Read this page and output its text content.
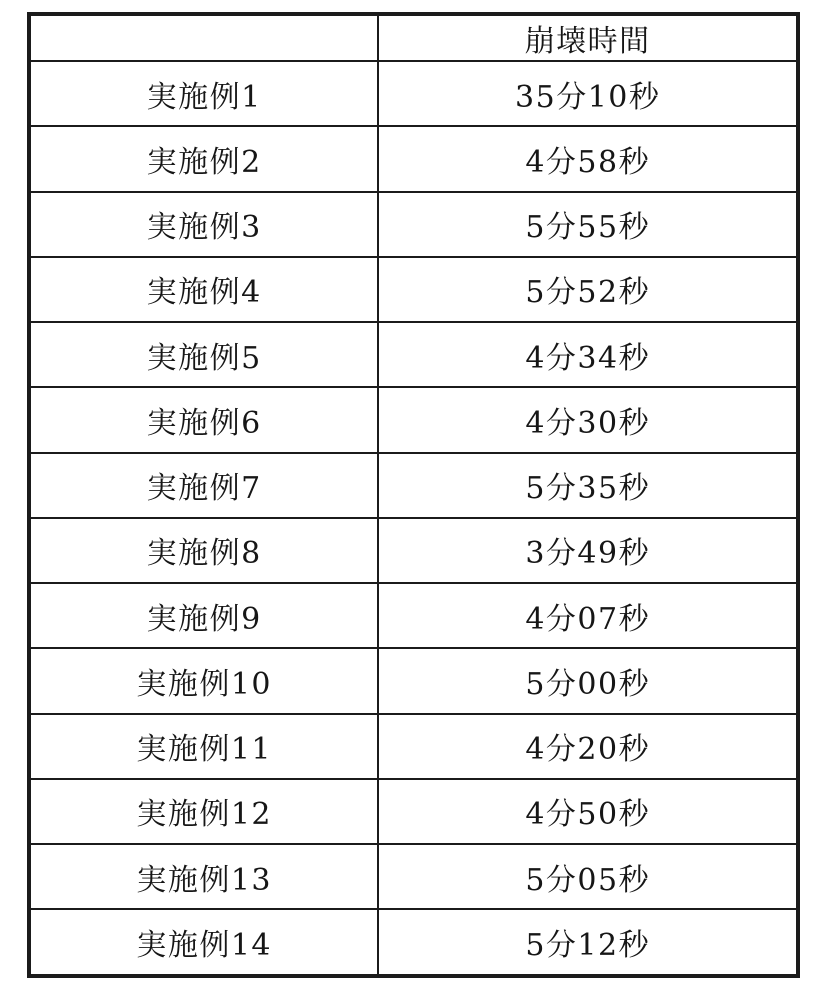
	崩壊時間
実施例1	35分10秒
実施例2	4分58秒
実施例3	5分55秒
実施例4	5分52秒
実施例5	4分34秒
実施例6	4分30秒
実施例7	5分35秒
実施例8	3分49秒
実施例9	4分07秒
実施例10	5分00秒
実施例11	4分20秒
実施例12	4分50秒
実施例13	5分05秒
実施例14	5分12秒
